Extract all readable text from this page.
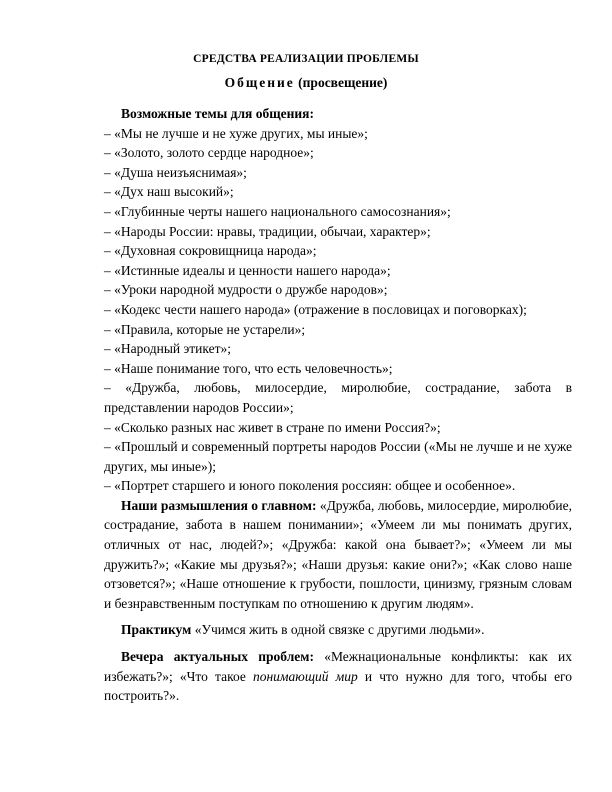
СРЕДСТВА РЕАЛИЗАЦИИ ПРОБЛЕМЫ
Общение (просвещение)

Возможные темы для общения:

– «Мы не лучше и не хуже других, мы иные»;
– «Золото, золото сердце народное»;
– «Душа неизъяснимая»;
– «Дух наш высокий»;
– «Глубинные черты нашего национального самосознания»;
– «Народы России: нравы, традиции, обычаи, характер»;
– «Духовная сокровищница народа»;
– «Истинные идеалы и ценности нашего народа»;
– «Уроки народной мудрости о дружбе народов»;
– «Кодекс чести нашего народа» (отражение в пословицах и поговорках);
– «Правила, которые не устарели»;
– «Народный этикет»;
– «Наше понимание того, что есть человечность»;
– «Дружба, любовь, милосердие, миролюбие, сострадание, забота в представлении народов России»;
– «Сколько разных нас живет в стране по имени Россия?»;
– «Прошлый и современный портреты народов России («Мы не лучше и не хуже других, мы иные»);
– «Портрет старшего и юного поколения россиян: общее и особенное».

Наши размышления о главном: «Дружба, любовь, милосердие, миролюбие, сострадание, забота в нашем понимании»; «Умеем ли мы понимать других, отличных от нас, людей?»; «Дружба: какой она бывает?»; «Умеем ли мы дружить?»; «Какие мы друзья?»; «Наши друзья: какие они?»; «Как слово наше отзовется?»; «Наше отношение к грубости, пошлости, цинизму, грязным словам и безнравственным поступкам по отношению к другим людям».

Практикум «Учимся жить в одной связке с другими людьми».

Вечера актуальных проблем: «Межнациональные конфликты: как их избежать?»; «Что такое понимающий мир и что нужно для того, чтобы его построить?».
